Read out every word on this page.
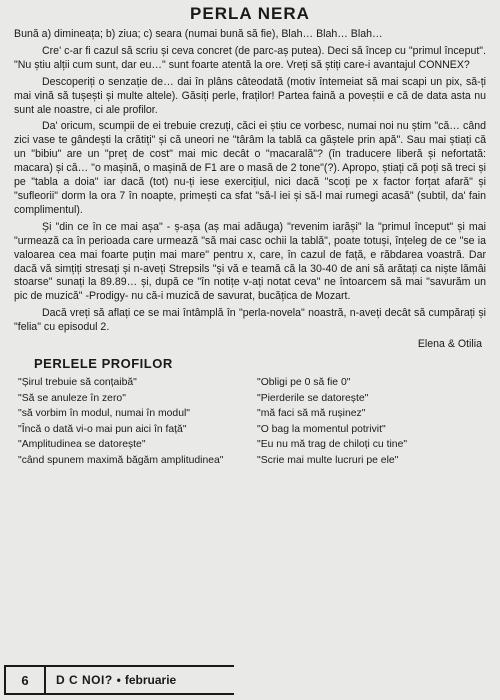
PERLA NERA

Bună a) dimineața; b) ziua; c) seara (numai bună să fie), Blah… Blah… Blah…

Cre' c-ar fi cazul să scriu și ceva concret (de parc-aș putea). Deci să încep cu "primul început". "Nu știu alții cum sunt, dar eu…" sunt foarte atentă la ore. Vreți să știți care-i avantajul CONNEX?

Descoperiți o senzație de… dai în plâns câteodată (motiv întemeiat să mai scapi un pix, să-ți mai vină să tușești și multe altele). Găsiți perle, fraților! Partea faină a poveștii e că de data asta nu sunt ale noastre, ci ale profilor.

Da' oricum, scumpii de ei trebuie crezuți, căci ei știu ce vorbesc, numai noi nu știm "că… când zici vase te gândești la crătiți" și că uneori ne "târâm la tablă ca găștele prin apă". Sau mai știați că un "bibiu" are un "preț de cost" mai mic decât o "macarală"? (în traducere liberă și nefortată: macara) și că… "o mașină, o mașină de F1 are o masă de 2 tone"(?). Apropo, știați că poți să treci și pe "tabla a doia" iar dacă (tot) nu-ți iese exercițiul, nici dacă "scoți pe x factor forțat afară" și "sufleorii" dorm la ora 7 în noapte, primești ca sfat "să-l iei și să-l mai rumegi acasă" (subtil, da' fain complimentul).

Și "din ce în ce mai așa" - ș-așa (aș mai adăuga) "revenim iarăși" la "primul început" și mai "urmează ca în perioada care urmează "să mai casc ochii la tablă", poate totuși, înțeleg de ce "se ia valoarea cea mai foarte puțin mai mare" pentru x, care, în cazul de față, e răbdarea voastră. Dar dacă vă simțiți stresați și n-aveți Strepsils "și vă e teamă că la 30-40 de ani să arătați ca niște lămâi stoarse" sunați la 89.89… și, după ce "în notițe v-ați notat ceva" ne întoarcem să mai "savurăm un pic de muzică" -Prodigy- nu că-i muzică de savurat, bucățica de Mozart.

Dacă vreți să aflați ce se mai întâmplă în "perla-novela" noastră, n-aveți decât să cumpărați și "felia" cu episodul 2.

Elena & Otilia
PERLELE PROFILOR
"Șirul trebuie să conțaibă"
"Să se anuleze în zero"
"să vorbim în modul, numai în modul"
"Încă o dată vi-o mai pun aici în față"
"Amplitudinea se datorește"
"când spunem maximă băgăm amplitudinea"
"Obligi pe 0 să fie 0"
"Pierderile se datorește"
"mă faci să mă rușinez"
"O bag la momentul potrivit"
"Eu nu mă trag de chiloți cu tine"
"Scrie mai multe lucruri pe ele"
6	D C NOI? • februarie
